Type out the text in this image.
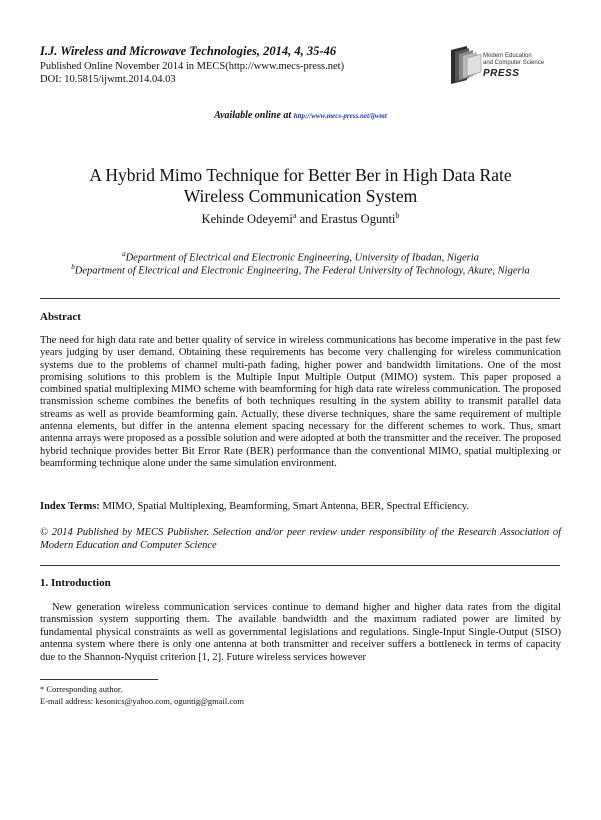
I.J. Wireless and Microwave Technologies, 2014, 4, 35-46
Published Online November 2014 in MECS(http://www.mecs-press.net)
DOI: 10.5815/ijwmt.2014.04.03
Modern Education
and Computer Science
PRESS
Available online at http://www.mecs-press.net/ijwmt
A Hybrid Mimo Technique for Better Ber in High Data Rate
Wireless Communication System
Kehinde Odeyemi$^a$ and Erastus Ogunti$^b$
$^a$Department of Electrical and Electronic Engineering, University of Ibadan, Nigeria
$^b$Department of Electrical and Electronic Engineering, The Federal University of Technology, Akure, Nigeria
Abstract
The need for high data rate and better quality of service in wireless communications has become imperative in the past few years judging by user demand. Obtaining these requirements has become very challenging for wireless communication systems due to the problems of channel multi-path fading, higher power and bandwidth limitations. One of the most promising solutions to this problem is the Multiple Input Multiple Output (MIMO) system. This paper proposed a combined spatial multiplexing MIMO scheme with beamforming for high data rate wireless communication. The proposed transmission scheme combines the benefits of both techniques resulting in the system ability to transmit parallel data streams as well as provide beamforming gain. Actually, these diverse techniques, share the same requirement of multiple antenna elements, but differ in the antenna element spacing necessary for the different schemes to work. Thus, smart antenna arrays were proposed as a possible solution and were adopted at both the transmitter and the receiver. The proposed hybrid technique provides better Bit Error Rate (BER) performance than the conventional MIMO, spatial multiplexing or beamforming technique alone under the same simulation environment.
Index Terms: MIMO, Spatial Multiplexing, Beamforming, Smart Antenna, BER, Spectral Efficiency.
© 2014 Published by MECS Publisher. Selection and/or peer review under responsibility of the Research Association of Modern Education and Computer Science
1. Introduction
New generation wireless communication services continue to demand higher and higher data rates from the digital transmission system supporting them. The available bandwidth and the maximum radiated power are limited by fundamental physical constraints as well as governmental legislations and regulations. Single-Input Single-Output (SISO) antenna system where there is only one antenna at both transmitter and receiver suffers a bottleneck in terms of capacity due to the Shannon-Nyquist criterion [1, 2]. Future wireless services however
* Corresponding author.
E-mail address: kesonics@yahoo.com, oguntig@gmail.com
